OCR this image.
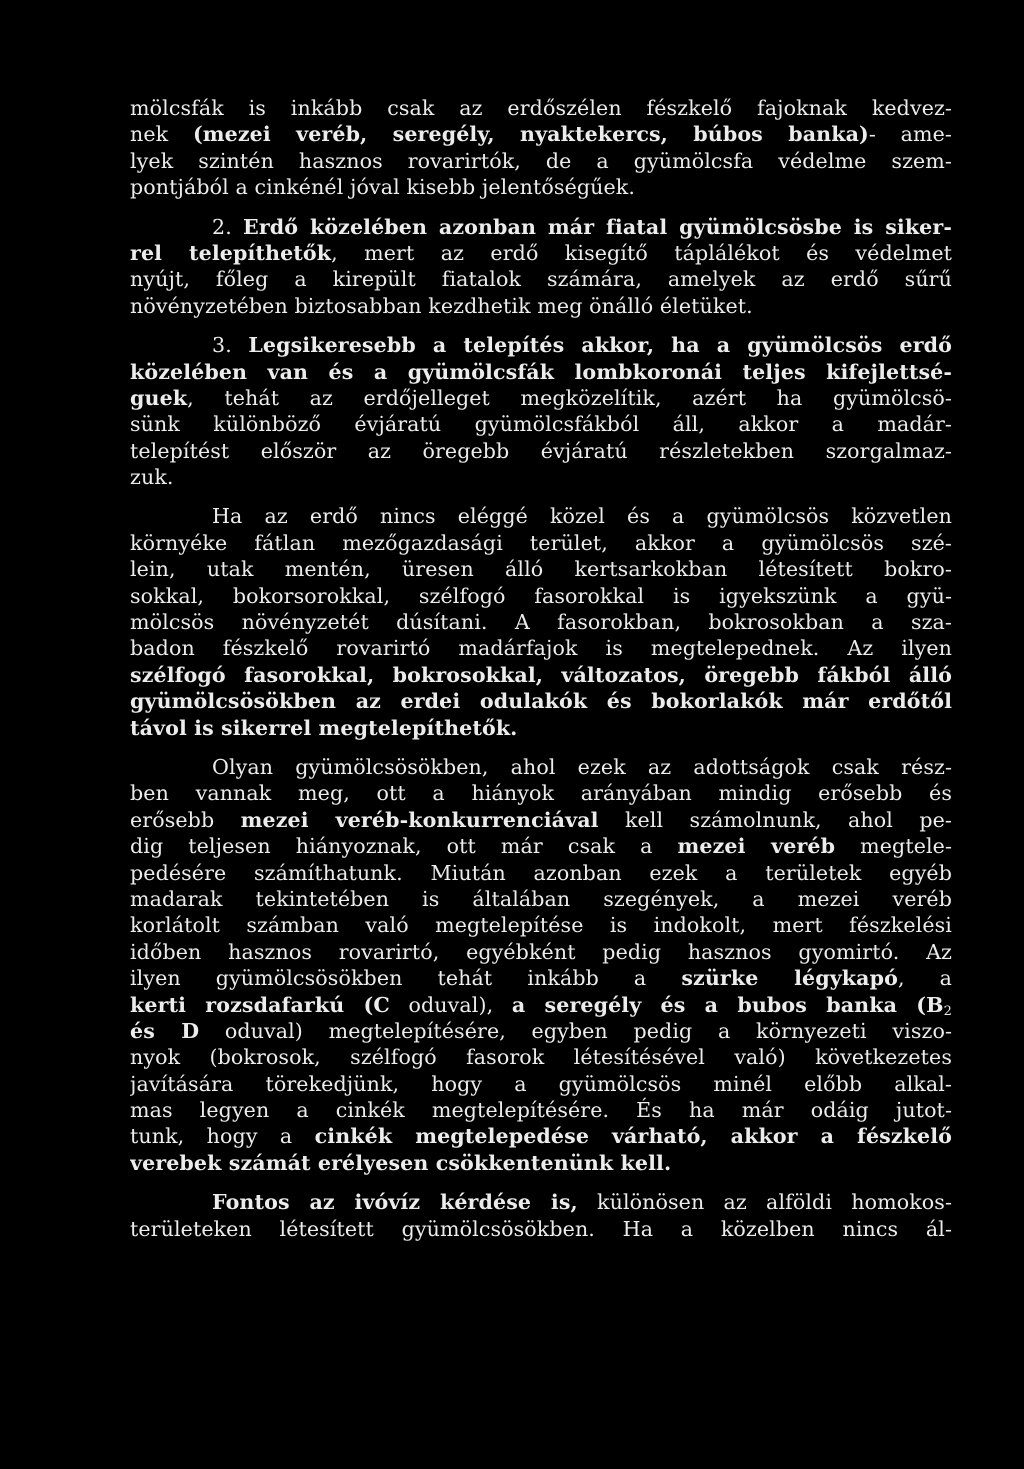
mölcsfák is inkább csak az erdőszélen fészkelő fajoknak kedvez-
nek (mezei veréb, seregély, nyaktekercs, búbos banka)- ame-
lyek szintén hasznos rovarirtók, de a gyümölcsfa védelme szem-
pontjából a cinkénél jóval kisebb jelentőségűek.
2. Erdő közelében azonban már fiatal gyümölcsösbe is siker-
rel telepíthetők, mert az erdő kisegítő táplálékot és védelmet
nyújt, főleg a kirepült fiatalok számára, amelyek az erdő sűrű
növényzetében biztosabban kezdhetik meg önálló életüket.
3. Legsikeresebb a telepítés akkor, ha a gyümölcsös erdő
közelében van és a gyümölcsfák lombkoronái teljes kifejlettsé-
guek, tehát az erdőjelleget megközelítik, azért ha gyümölcsö-
sünk különböző évjáratú gyümölcsfákból áll, akkor a madár-
telepítést először az öregebb évjáratú részletekben szorgalmaz-
zuk.
Ha az erdő nincs eléggé közel és a gyümölcsös közvetlen
környéke fátlan mezőgazdasági terület, akkor a gyümölcsös szé-
lein, utak mentén, üresen álló kertsarkokban létesített bokro-
sokkal, bokorsorokkal, szélfogó fasorokkal is igyekszünk a gyü-
mölcsös növényzetét dúsítani. A fasorokban, bokrosokban a sza-
badon fészkelő rovarirtó madárfajok is megtelepednek. Az ilyen
szélfogó fasorokkal, bokrosokkal, változatos, öregebb fákból álló
gyümölcsösökben az erdei odulakók és bokorlakók már erdőtől
távol is sikerrel megtelepíthetők.
Olyan gyümölcsösökben, ahol ezek az adottságok csak rész-
ben vannak meg, ott a hiányok arányában mindig erősebb és
erősebb mezei veréb-konkurrenciával kell számolnunk, ahol pe-
dig teljesen hiányoznak, ott már csak a mezei veréb megtele-
pedésére számíthatunk. Miután azonban ezek a területek egyéb
madarak tekintetében is általában szegények, a mezei veréb
korlátolt számban való megtelepítése is indokolt, mert fészkelési
időben hasznos rovarirtó, egyébként pedig hasznos gyomirtó. Az
ilyen gyümölcsösökben tehát inkább a szürke légykapó, a
kerti rozsdafarkú (C oduval), a seregély és a bubos banka ($B_2$
és D oduval) megtelepítésére, egyben pedig a környezeti viszo-
nyok (bokrosok, szélfogó fasorok létesítésével való) következetes
javítására törekedjünk, hogy a gyümölcsös minél előbb alkal-
mas legyen a cinkék megtelepítésére. És ha már odáig jutot-
tunk, hogy a cinkék megtelepedése várható, akkor a fészkelő
verebek számát erélyesen csökkentenünk kell.
Fontos az ivóvíz kérdése is, különösen az alföldi homokos-
területeken létesített gyümölcsösökben. Ha a közelben nincs ál-
